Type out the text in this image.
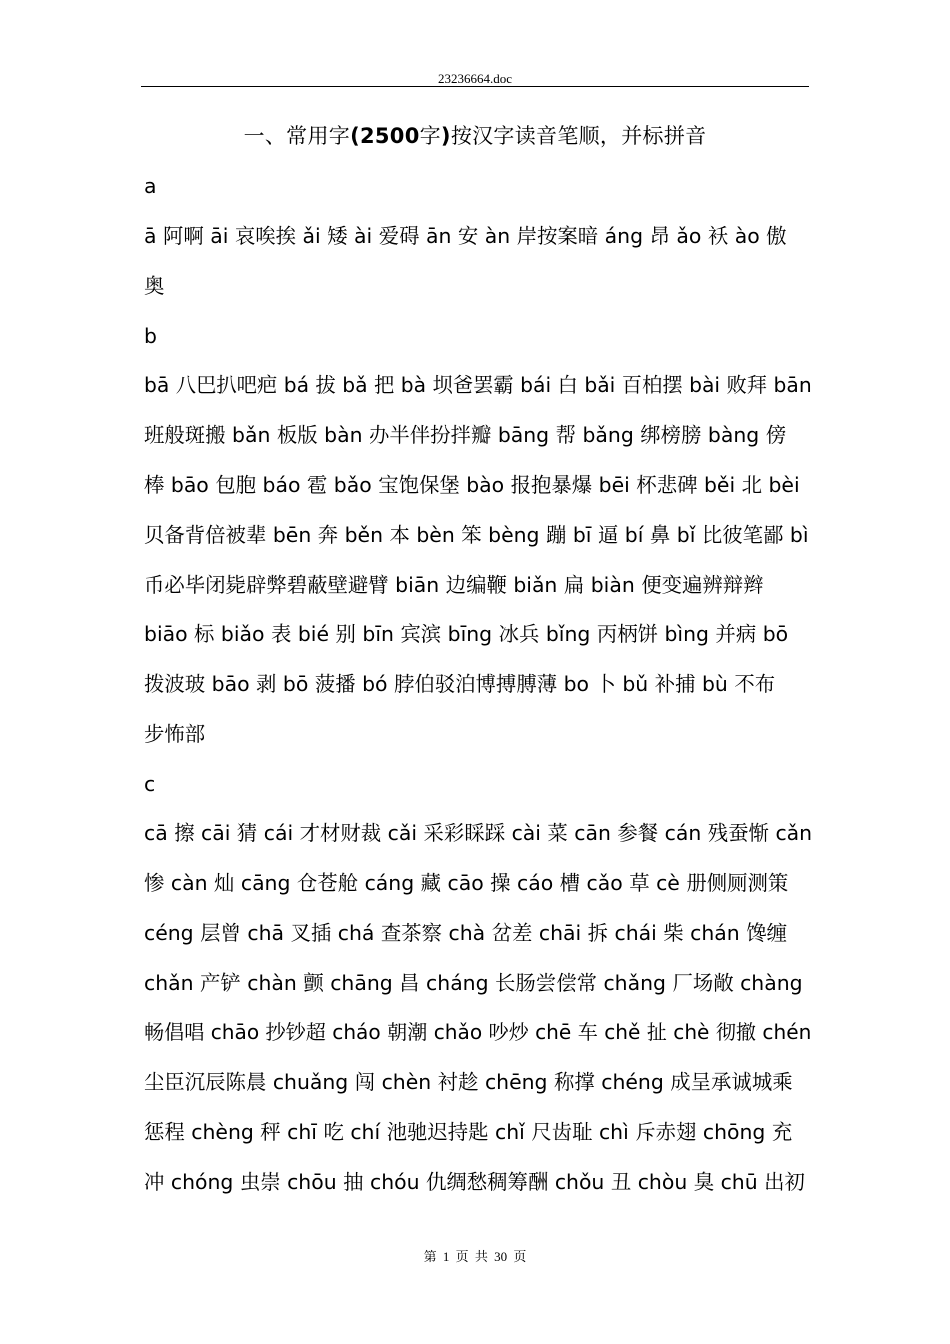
23236664.doc
一、常用字(2500字)按汉字读音笔顺，并标拼音
a
ā 阿啊 āi 哀唉挨 ǎi 矮 ài 爱碍 ān 安 àn 岸按案暗 áng 昂 ǎo 袄 ào 傲
奥
b
bā 八巴扒吧疤 bá 拔 bǎ 把 bà 坝爸罢霸 bái 白 bǎi 百柏摆 bài 败拜 bān
班般斑搬 bǎn 板版 bàn 办半伴扮拌瓣 bāng 帮 bǎng 绑榜膀 bàng 傍
棒 bāo 包胞 báo 雹 bǎo 宝饱保堡 bào 报抱暴爆 bēi 杯悲碑 běi 北 bèi
贝备背倍被辈 bēn 奔 běn 本 bèn 笨 bèng 蹦 bī 逼 bí 鼻 bǐ 比彼笔鄙 bì
币必毕闭毙辟弊碧蔽壁避臂 biān 边编鞭 biǎn 扁 biàn 便变遍辨辩辫
biāo 标 biǎo 表 bié 别 bīn 宾滨 bīng 冰兵 bǐng 丙柄饼 bìng 并病 bō
拨波玻 bāo 剥 bō 菠播 bó 脖伯驳泊博搏膊薄 bo 卜 bǔ 补捕 bù 不布
步怖部
c
cā 擦 cāi 猜 cái 才材财裁 cǎi 采彩睬踩 cài 菜 cān 参餐 cán 残蚕惭 cǎn
惨 càn 灿 cāng 仓苍舱 cáng 藏 cāo 操 cáo 槽 cǎo 草 cè 册侧厕测策
céng 层曾 chā 叉插 chá 查茶察 chà 岔差 chāi 拆 chái 柴 chán 馋缠
chǎn 产铲 chàn 颤 chāng 昌 cháng 长肠尝偿常 chǎng 厂场敞 chàng
畅倡唱 chāo 抄钞超 cháo 朝潮 chǎo 吵炒 chē 车 chě 扯 chè 彻撤 chén
尘臣沉辰陈晨 chuǎng 闯 chèn 衬趁 chēng 称撑 chéng 成呈承诚城乘
惩程 chèng 秤 chī 吃 chí 池驰迟持匙 chǐ 尺齿耻 chì 斥赤翅 chōng 充
冲 chóng 虫崇 chōu 抽 chóu 仇绸愁稠筹酬 chǒu 丑 chòu 臭 chū 出初
第 1 页 共 30 页
